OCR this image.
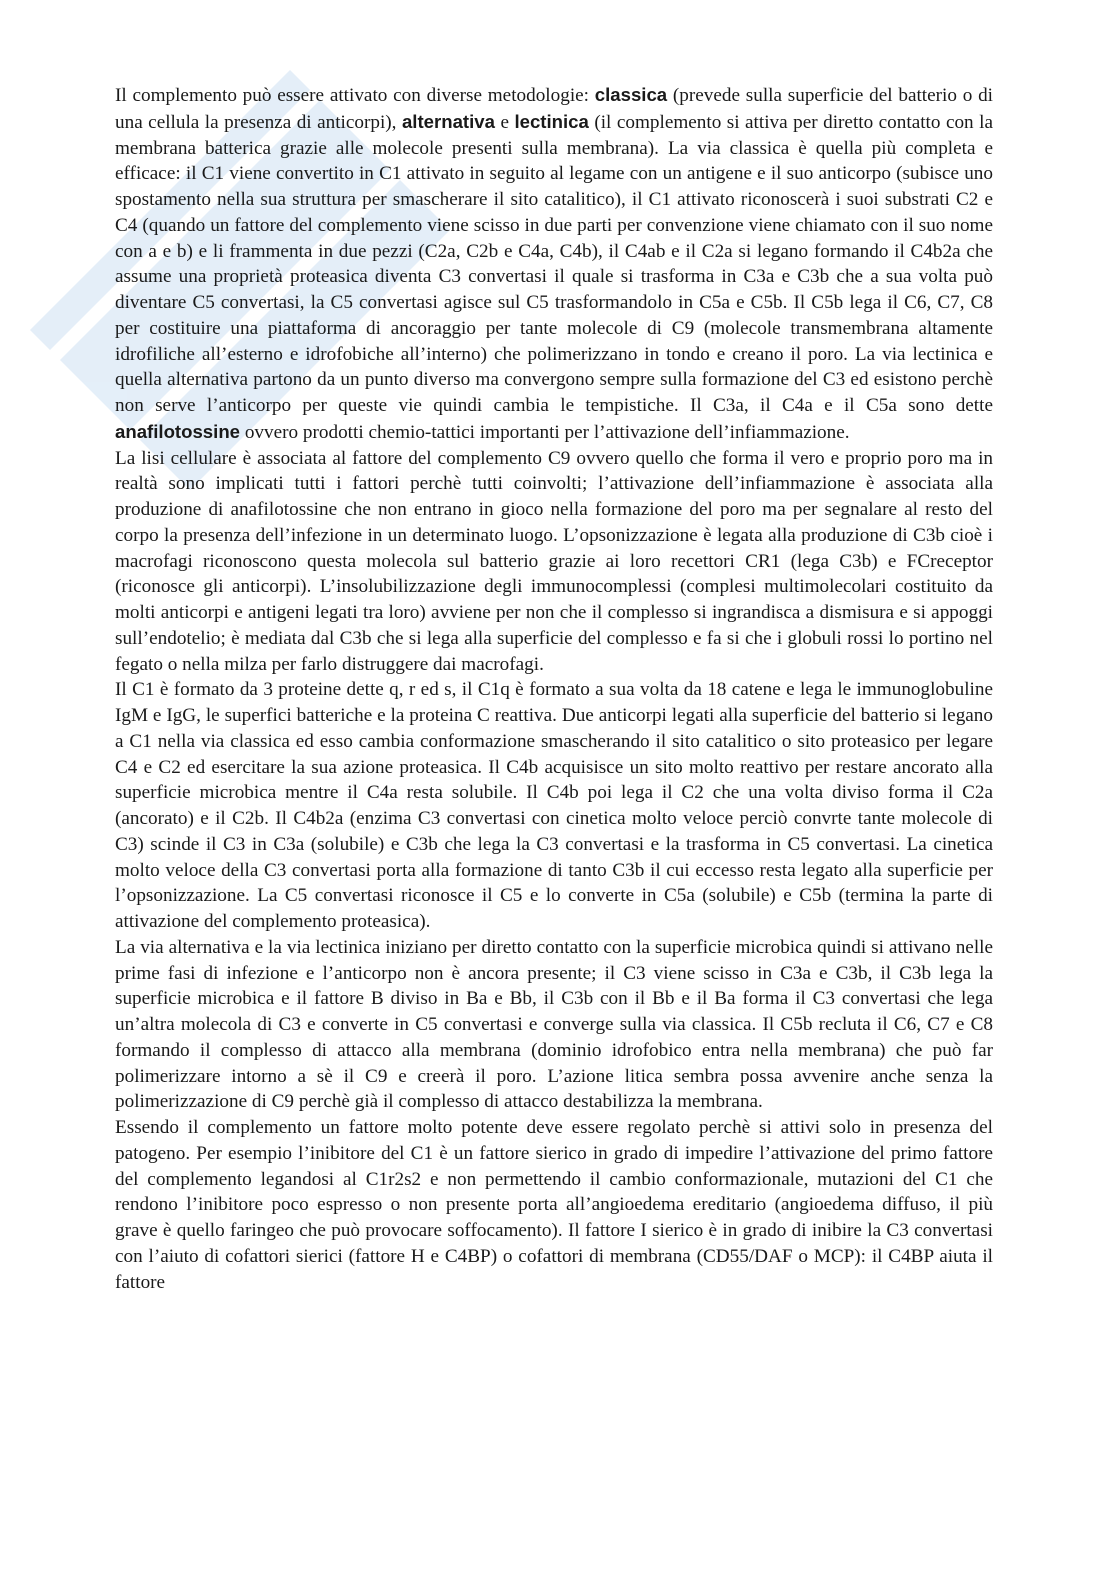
Il complemento può essere attivato con diverse metodologie: classica (prevede sulla superficie del batterio o di una cellula la presenza di anticorpi), alternativa e lectinica (il complemento si attiva per diretto contatto con la membrana batterica grazie alle molecole presenti sulla membrana). La via classica è quella più completa e efficace: il C1 viene convertito in C1 attivato in seguito al legame con un antigene e il suo anticorpo (subisce uno spostamento nella sua struttura per smascherare il sito catalitico), il C1 attivato riconoscerà i suoi substrati C2 e C4 (quando un fattore del complemento viene scisso in due parti per convenzione viene chiamato con il suo nome con a e b) e li frammenta in due pezzi (C2a, C2b e C4a, C4b), il C4ab e il C2a si legano formando il C4b2a che assume una proprietà proteasica diventa C3 convertasi il quale si trasforma in C3a e C3b che a sua volta può diventare C5 convertasi, la C5 convertasi agisce sul C5 trasformandolo in C5a e C5b. Il C5b lega il C6, C7, C8 per costituire una piattaforma di ancoraggio per tante molecole di C9 (molecole transmembrana altamente idrofiliche all’esterno e idrofobiche all’interno) che polimerizzano in tondo e creano il poro. La via lectinica e quella alternativa partono da un punto diverso ma convergono sempre sulla formazione del C3 ed esistono perchè non serve l’anticorpo per queste vie quindi cambia le tempistiche. Il C3a, il C4a e il C5a sono dette anafilotossine ovvero prodotti chemio-tattici importanti per l’attivazione dell’infiammazione.

La lisi cellulare è associata al fattore del complemento C9 ovvero quello che forma il vero e proprio poro ma in realtà sono implicati tutti i fattori perchè tutti coinvolti; l’attivazione dell’infiammazione è associata alla produzione di anafilotossine che non entrano in gioco nella formazione del poro ma per segnalare al resto del corpo la presenza dell’infezione in un determinato luogo. L’opsonizzazione è legata alla produzione di C3b cioè i macrofagi riconoscono questa molecola sul batterio grazie ai loro recettori CR1 (lega C3b) e FCreceptor (riconosce gli anticorpi). L’insolubilizzazione degli immunocomplessi (complesi multimolecolari costituito da molti anticorpi e antigeni legati tra loro) avviene per non che il complesso si ingrandisca a dismisura e si appoggi sull’endotelio; è mediata dal C3b che si lega alla superficie del complesso e fa si che i globuli rossi lo portino nel fegato o nella milza per farlo distruggere dai macrofagi.

Il C1 è formato da 3 proteine dette q, r ed s, il C1q è formato a sua volta da 18 catene e lega le immunoglobuline IgM e IgG, le superfici batteriche e la proteina C reattiva. Due anticorpi legati alla superficie del batterio si legano a C1 nella via classica ed esso cambia conformazione smascherando il sito catalitico o sito proteasico per legare C4 e C2 ed esercitare la sua azione proteasica. Il C4b acquisisce un sito molto reattivo per restare ancorato alla superficie microbica mentre il C4a resta solubile. Il C4b poi lega il C2 che una volta diviso forma il C2a (ancorato) e il C2b. Il C4b2a (enzima C3 convertasi con cinetica molto veloce perciò convrte tante molecole di C3) scinde il C3 in C3a (solubile) e C3b che lega la C3 convertasi e la trasforma in C5 convertasi. La cinetica molto veloce della C3 convertasi porta alla formazione di tanto C3b il cui eccesso resta legato alla superficie per l’opsonizzazione. La C5 convertasi riconosce il C5 e lo converte in C5a (solubile) e C5b (termina la parte di attivazione del complemento proteasica).

La via alternativa e la via lectinica iniziano per diretto contatto con la superficie microbica quindi si attivano nelle prime fasi di infezione e l’anticorpo non è ancora presente; il C3 viene scisso in C3a e C3b, il C3b lega la superficie microbica e il fattore B diviso in Ba e Bb, il C3b con il Bb e il Ba forma il C3 convertasi che lega un’altra molecola di C3 e converte in C5 convertasi e converge sulla via classica. Il C5b recluta il C6, C7 e C8 formando il complesso di attacco alla membrana (dominio idrofobico entra nella membrana) che può far polimerizzare intorno a sè il C9 e creerà il poro. L’azione litica sembra possa avvenire anche senza la polimerizzazione di C9 perchè già il complesso di attacco destabilizza la membrana.

Essendo il complemento un fattore molto potente deve essere regolato perchè si attivi solo in presenza del patogeno. Per esempio l’inibitore del C1 è un fattore sierico in grado di impedire l’attivazione del primo fattore del complemento legandosi al C1r2s2 e non permettendo il cambio conformazionale, mutazioni del C1 che rendono l’inibitore poco espresso o non presente porta all’angioedema ereditario (angioedema diffuso, il più grave è quello faringeo che può provocare soffocamento). Il fattore I sierico è in grado di inibire la C3 convertasi con l’aiuto di cofattori sierici (fattore H e C4BP) o cofattori di membrana (CD55/DAF o MCP): il C4BP aiuta il fattore
